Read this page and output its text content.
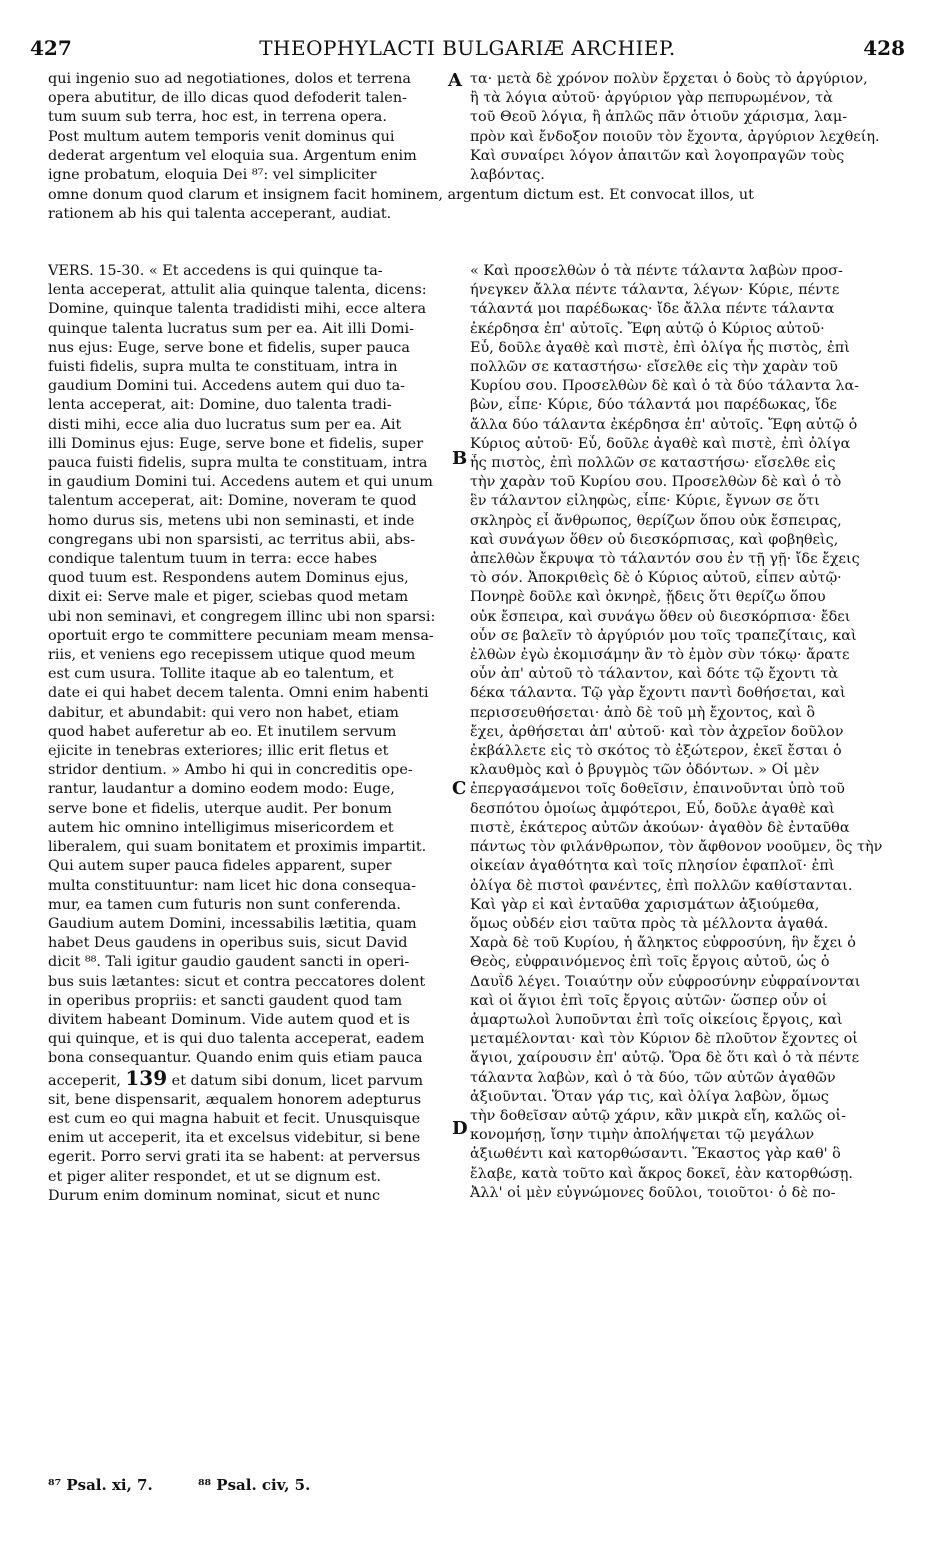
427	THEOPHYLACTI BULGARIÆ ARCHIEP.	428
A
B
C
D
qui ingenio suo ad negotiationes, dolos et terrena
opera abutitur, de illo dicas quod defoderit talen-
tum suum sub terra, hoc est, in terrena opera.
Post multum autem temporis venit dominus qui
dederat argentum vel eloquia sua. Argentum enim
igne probatum, eloquia Dei ⁸⁷: vel simpliciter
τα· μετὰ δὲ χρόνον πολὺν ἔρχεται ὁ δοὺς τὸ ἀργύριον,
ἢ τὰ λόγια αὐτοῦ· ἀργύριον γὰρ πεπυρωμένον, τὰ
τοῦ Θεοῦ λόγια, ἢ ἁπλῶς πᾶν ὁτιοῦν χάρισμα, λαμ-
πρὸν καὶ ἔνδοξον ποιοῦν τὸν ἔχοντα, ἀργύριον λεχθείη.
Καὶ συναίρει λόγον ἀπαιτῶν καὶ λογοπραγῶν τοὺς
λαβόντας.
omne donum quod clarum et insignem facit hominem, argentum dictum est. Et convocat illos, ut
rationem ab his qui talenta acceperant, audiat.
VERS. 15-30. « Et accedens is qui quinque ta-
lenta acceperat, attulit alia quinque talenta, dicens:
Domine, quinque talenta tradidisti mihi, ecce altera
quinque talenta lucratus sum per ea. Ait illi Domi-
nus ejus: Euge, serve bone et fidelis, super pauca
fuisti fidelis, supra multa te constituam, intra in
gaudium Domini tui. Accedens autem qui duo ta-
lenta acceperat, ait: Domine, duo talenta tradi-
disti mihi, ecce alia duo lucratus sum per ea. Ait
illi Dominus ejus: Euge, serve bone et fidelis, super
pauca fuisti fidelis, supra multa te constituam, intra
in gaudium Domini tui. Accedens autem et qui unum
talentum acceperat, ait: Domine, noveram te quod
homo durus sis, metens ubi non seminasti, et inde
congregans ubi non sparsisti, ac territus abii, abs-
condique talentum tuum in terra: ecce habes
quod tuum est. Respondens autem Dominus ejus,
dixit ei: Serve male et piger, sciebas quod metam
ubi non seminavi, et congregem illinc ubi non sparsi:
oportuit ergo te committere pecuniam meam mensa-
riis, et veniens ego recepissem utique quod meum
est cum usura. Tollite itaque ab eo talentum, et
date ei qui habet decem talenta. Omni enim habenti
dabitur, et abundabit: qui vero non habet, etiam
quod habet auferetur ab eo. Et inutilem servum
ejicite in tenebras exteriores; illic erit fletus et
stridor dentium. » Ambo hi qui in concreditis ope-
rantur, laudantur a domino eodem modo: Euge,
serve bone et fidelis, uterque audit. Per bonum
autem hic omnino intelligimus misericordem et
liberalem, qui suam bonitatem et proximis impartit.
Qui autem super pauca fideles apparent, super
multa constituuntur: nam licet hic dona consequa-
mur, ea tamen cum futuris non sunt conferenda.
Gaudium autem Domini, incessabilis lætitia, quam
habet Deus gaudens in operibus suis, sicut David
dicit ⁸⁸. Tali igitur gaudio gaudent sancti in operi-
bus suis lætantes: sicut et contra peccatores dolent
in operibus propriis: et sancti gaudent quod tam
divitem habeant Dominum. Vide autem quod et is
qui quinque, et is qui duo talenta acceperat, eadem
bona consequantur. Quando enim quis etiam pauca
acceperit, 139 et datum sibi donum, licet parvum
sit, bene dispensarit, æqualem honorem adepturus
est cum eo qui magna habuit et fecit. Unusquisque
enim ut acceperit, ita et excelsus videbitur, si bene
egerit. Porro servi grati ita se habent: at perversus
et piger aliter respondet, et ut se dignum est.
Durum enim dominum nominat, sicut et nunc
« Καὶ προσελθὼν ὁ τὰ πέντε τάλαντα λαβὼν προσ-
ήνεγκεν ἄλλα πέντε τάλαντα, λέγων· Κύριε, πέντε
τάλαντά μοι παρέδωκας· ἴδε ἄλλα πέντε τάλαντα
ἐκέρδησα ἐπ' αὐτοῖς. Ἔφη αὐτῷ ὁ Κύριος αὐτοῦ·
Εὖ, δοῦλε ἀγαθὲ καὶ πιστὲ, ἐπὶ ὀλίγα ἦς πιστὸς, ἐπὶ
πολλῶν σε καταστήσω· εἴσελθε εἰς τὴν χαρὰν τοῦ
Κυρίου σου. Προσελθὼν δὲ καὶ ὁ τὰ δύο τάλαντα λα-
βὼν, εἶπε· Κύριε, δύο τάλαντά μοι παρέδωκας, ἴδε
ἄλλα δύο τάλαντα ἐκέρδησα ἐπ' αὐτοῖς. Ἔφη αὐτῷ ὁ
Κύριος αὐτοῦ· Εὖ, δοῦλε ἀγαθὲ καὶ πιστὲ, ἐπὶ ὀλίγα
ἦς πιστὸς, ἐπὶ πολλῶν σε καταστήσω· εἴσελθε εἰς
τὴν χαρὰν τοῦ Κυρίου σου. Προσελθὼν δὲ καὶ ὁ τὸ
ἓν τάλαντον εἰληφὼς, εἶπε· Κύριε, ἔγνων σε ὅτι
σκληρὸς εἶ ἄνθρωπος, θερίζων ὅπου οὐκ ἔσπειρας,
καὶ συνάγων ὅθεν οὐ διεσκόρπισας, καὶ φοβηθεὶς,
ἀπελθὼν ἔκρυψα τὸ τάλαντόν σου ἐν τῇ γῇ· ἴδε ἔχεις
τὸ σόν. Ἀποκριθεὶς δὲ ὁ Κύριος αὐτοῦ, εἶπεν αὐτῷ·
Πονηρὲ δοῦλε καὶ ὀκνηρὲ, ᾔδεις ὅτι θερίζω ὅπου
οὐκ ἔσπειρα, καὶ συνάγω ὅθεν οὐ διεσκόρπισα· ἔδει
οὖν σε βαλεῖν τὸ ἀργύριόν μου τοῖς τραπεζίταις, καὶ
ἐλθὼν ἐγὼ ἐκομισάμην ἂν τὸ ἐμὸν σὺν τόκῳ· ἄρατε
οὖν ἀπ' αὐτοῦ τὸ τάλαντον, καὶ δότε τῷ ἔχοντι τὰ
δέκα τάλαντα. Τῷ γὰρ ἔχοντι παντὶ δοθήσεται, καὶ
περισσευθήσεται· ἀπὸ δὲ τοῦ μὴ ἔχοντος, καὶ ὃ
ἔχει, ἀρθήσεται ἀπ' αὐτοῦ· καὶ τὸν ἀχρεῖον δοῦλον
ἐκβάλλετε εἰς τὸ σκότος τὸ ἐξώτερον, ἐκεῖ ἔσται ὁ
κλαυθμὸς καὶ ὁ βρυγμὸς τῶν ὀδόντων. » Οἱ μὲν
ἐπεργασάμενοι τοῖς δοθεῖσιν, ἐπαινοῦνται ὑπὸ τοῦ
δεσπότου ὁμοίως ἀμφότεροι, Εὖ, δοῦλε ἀγαθὲ καὶ
πιστὲ, ἑκάτερος αὐτῶν ἀκούων· ἀγαθὸν δὲ ἐνταῦθα
πάντως τὸν φιλάνθρωπον, τὸν ἄφθονον νοοῦμεν, ὃς τὴν
οἰκείαν ἀγαθότητα καὶ τοῖς πλησίον ἐφαπλοῖ· ἐπὶ
ὀλίγα δὲ πιστοὶ φανέντες, ἐπὶ πολλῶν καθίστανται.
Καὶ γὰρ εἰ καὶ ἐνταῦθα χαρισμάτων ἀξιούμεθα,
ὅμως οὐδέν εἰσι ταῦτα πρὸς τὰ μέλλοντα ἀγαθά.
Χαρὰ δὲ τοῦ Κυρίου, ἡ ἄληκτος εὐφροσύνη, ἣν ἔχει ὁ
Θεὸς, εὐφραινόμενος ἐπὶ τοῖς ἔργοις αὐτοῦ, ὡς ὁ
Δαυῒδ λέγει. Τοιαύτην οὖν εὐφροσύνην εὐφραίνονται
καὶ οἱ ἅγιοι ἐπὶ τοῖς ἔργοις αὐτῶν· ὥσπερ οὖν οἱ
ἁμαρτωλοὶ λυποῦνται ἐπὶ τοῖς οἰκείοις ἔργοις, καὶ
μεταμέλονται· καὶ τὸν Κύριον δὲ πλοῦτον ἔχοντες οἱ
ἅγιοι, χαίρουσιν ἐπ' αὐτῷ. Ὅρα δὲ ὅτι καὶ ὁ τὰ πέντε
τάλαντα λαβὼν, καὶ ὁ τὰ δύο, τῶν αὐτῶν ἀγαθῶν
ἀξιοῦνται. Ὅταν γάρ τις, καὶ ὀλίγα λαβὼν, ὅμως
τὴν δοθεῖσαν αὐτῷ χάριν, κἂν μικρὰ εἴη, καλῶς οἰ-
κονομήσῃ, ἴσην τιμὴν ἀπολήψεται τῷ μεγάλων
ἀξιωθέντι καὶ κατορθώσαντι. Ἕκαστος γὰρ καθ' ὃ
ἔλαβε, κατὰ τοῦτο καὶ ἄκρος δοκεῖ, ἐὰν κατορθώσῃ.
Ἀλλ' οἱ μὲν εὐγνώμονες δοῦλοι, τοιοῦτοι· ὁ δὲ πο-
⁸⁷ Psal. xi, 7.	⁸⁸ Psal. civ, 5.
